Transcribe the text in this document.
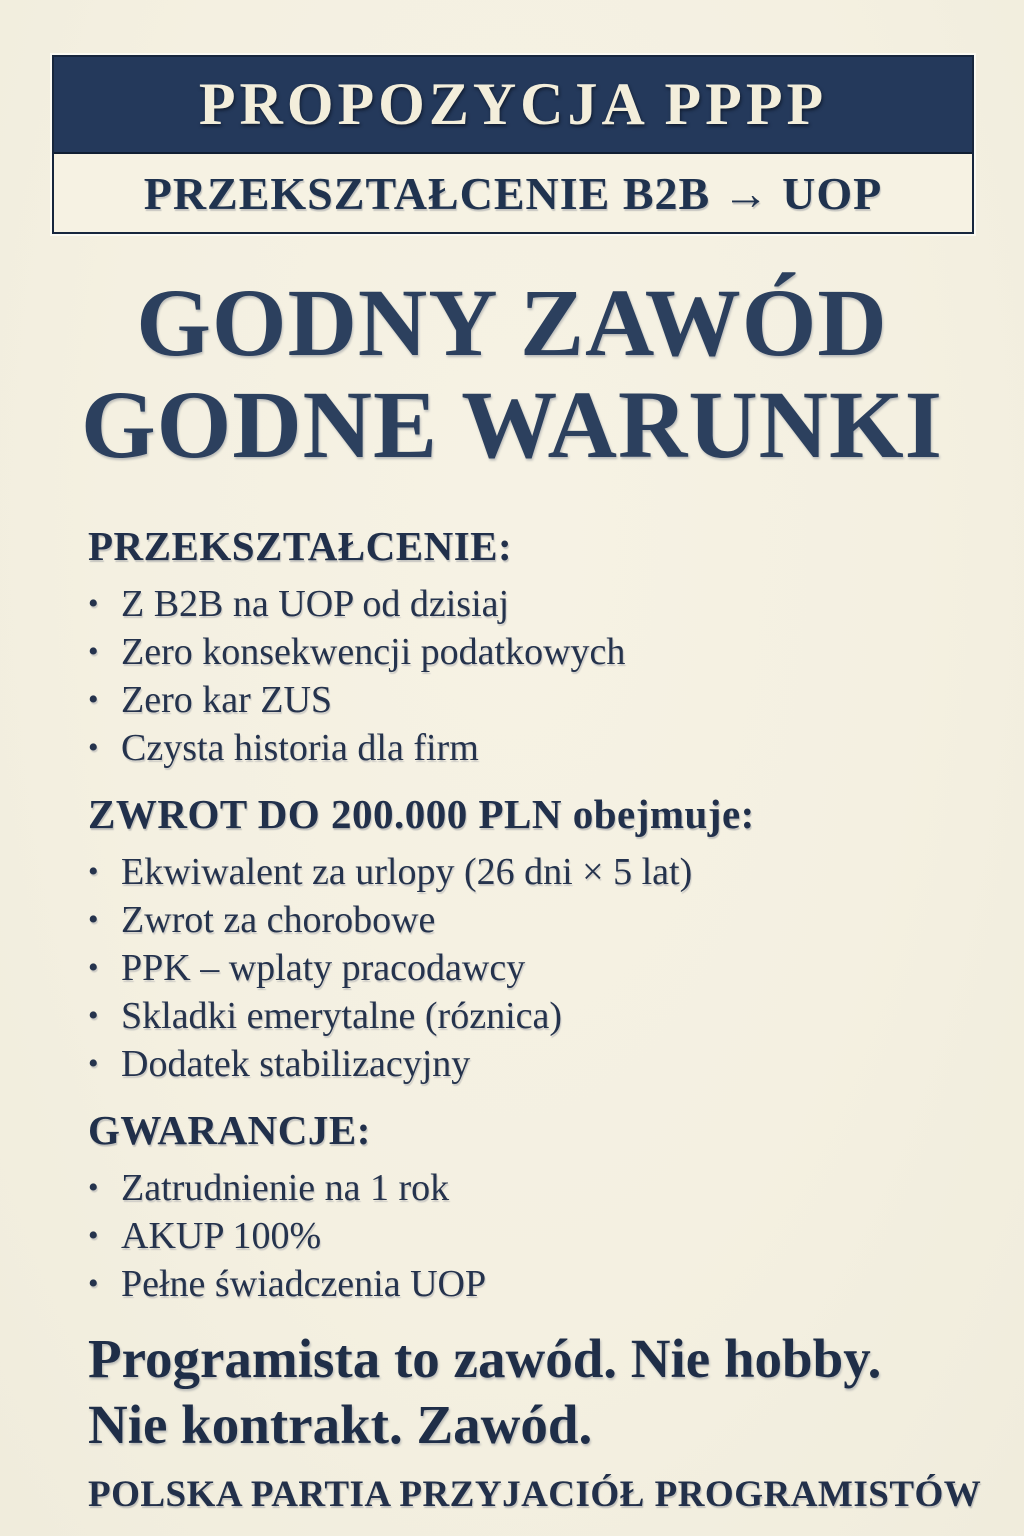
PROPOZYCJA PPPP
PRZEKSZTAŁCENIE B2B → UOP
GODNY ZAWÓD
GODNE WARUNKI
PRZEKSZTAŁCENIE:
• Z B2B na UOP od dzisiaj
• Zero konsekwencji podatkowych
• Zero kar ZUS
• Czysta historia dla firm
ZWROT DO 200.000 PLN obejmuje:
• Ekwiwalent za urlopy (26 dni × 5 lat)
• Zwrot za chorobowe
• PPK – wplaty pracodawcy
• Skladki emerytalne (róznica)
• Dodatek stabilizacyjny
GWARANCJE:
• Zatrudnienie na 1 rok
• AKUP 100%
• Pełne świadczenia UOP
Programista to zawód. Nie hobby.
Nie kontrakt. Zawód.
POLSKA PARTIA PRZYJACIÓŁ PROGRAMISTÓW
